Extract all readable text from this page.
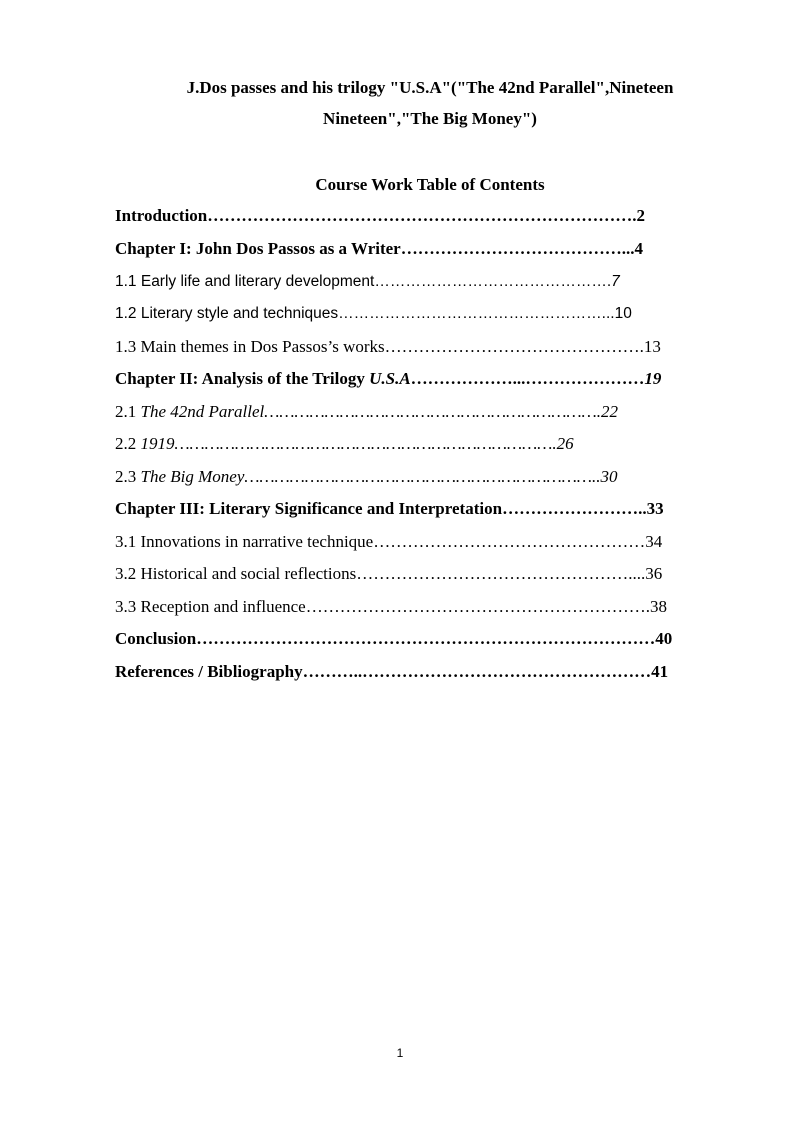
J.Dos passes and his trilogy "U.S.A"("The 42nd Parallel",Nineteen
Nineteen","The Big Money")
Course Work Table of Contents
Introduction………………………………………………………………….2
Chapter I: John Dos Passos as a Writer…………………………………...4
1.1 Early life and literary development……………………………………….7
1.2 Literary style and techniques……………………………………………...10
1.3 Main themes in Dos Passos’s works……………………………………….13
Chapter II: Analysis of the Trilogy U.S.A………………...…………………19
2.1 The 42nd Parallel………………………………………………………….22
2.2 1919………………………………………………………………….26
2.3 The Big Money……………………………………………………………..30
Chapter III: Literary Significance and Interpretation……………………..33
3.1 Innovations in narrative technique…………………………………………34
3.2 Historical and social reflections…………………………………………....36
3.3 Reception and influence…………………………………………………….38
Conclusion………………………………………………………………………40
References / Bibliography………..……………………………………………41
1
